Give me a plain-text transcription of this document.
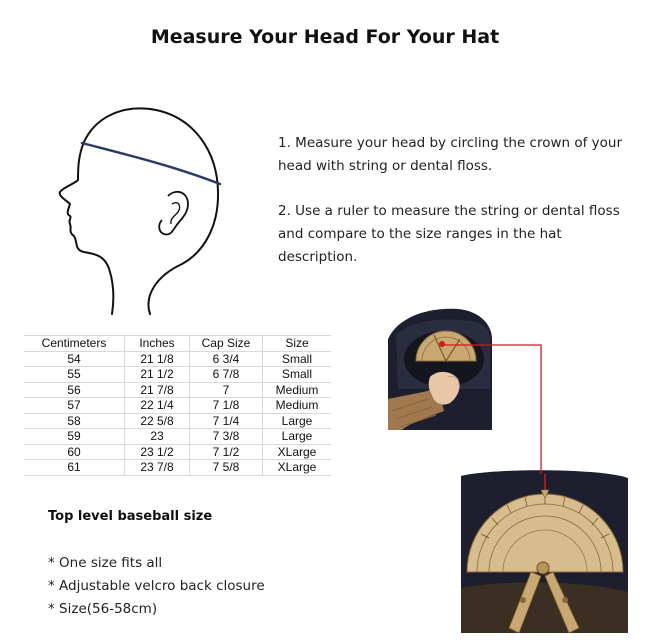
Measure Your Head For Your Hat

1. Measure your head by circling the crown of your head with string or dental floss.

2. Use a ruler to measure the string or dental floss and compare to the size ranges in the hat description.

Centimeters	Inches	Cap Size	Size
54	21 1/8	6 3/4	Small
55	21 1/2	6 7/8	Small
56	21 7/8	7	Medium
57	22 1/4	7 1/8	Medium
58	22 5/8	7 1/4	Large
59	23	7 3/8	Large
60	23 1/2	7 1/2	XLarge
61	23 7/8	7 5/8	XLarge
Top level baseball size
* One size fits all
* Adjustable velcro back closure
* Size(56-58cm)
